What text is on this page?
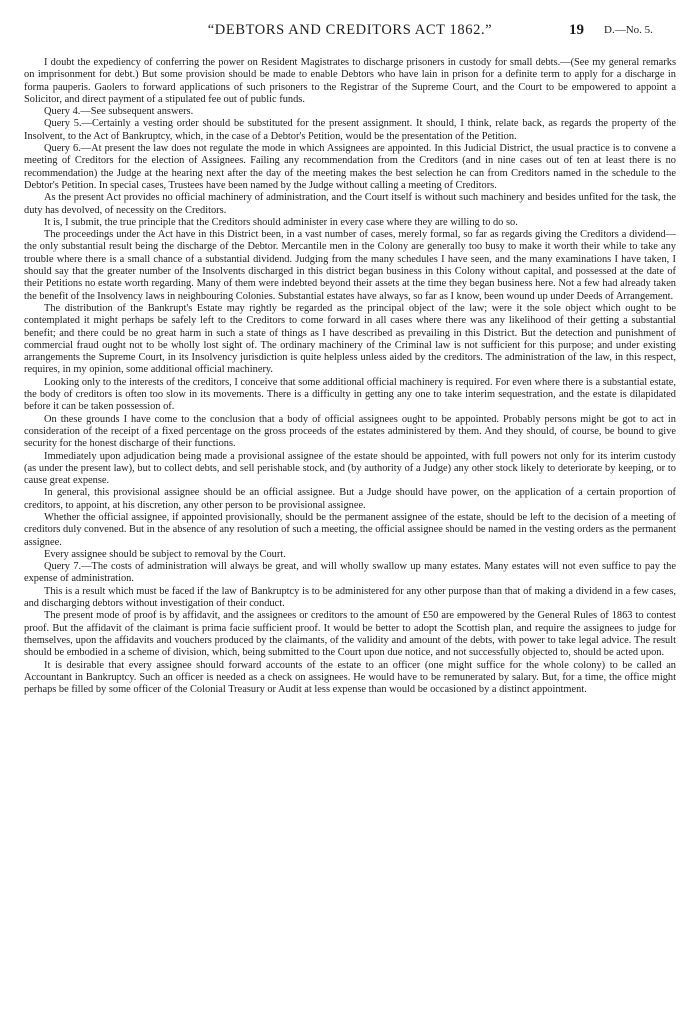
“DEBTORS AND CREDITORS ACT 1862.”	19 D.—No. 5.

I doubt the expediency of conferring the power on Resident Magistrates to discharge prisoners in custody for small debts.—(See my general remarks on imprisonment for debt.) But some provision should be made to enable Debtors who have lain in prison for a definite term to apply for a discharge in forma pauperis. Gaolers to forward applications of such prisoners to the Registrar of the Supreme Court, and the Court to be empowered to appoint a Solicitor, and direct payment of a stipulated fee out of public funds.

Query 4.—See subsequent answers.

Query 5.—Certainly a vesting order should be substituted for the present assignment. It should, I think, relate back, as regards the property of the Insolvent, to the Act of Bankruptcy, which, in the case of a Debtor's Petition, would be the presentation of the Petition.

Query 6.—At present the law does not regulate the mode in which Assignees are appointed. In this Judicial District, the usual practice is to convene a meeting of Creditors for the election of Assignees. Failing any recommendation from the Creditors (and in nine cases out of ten at least there is no recommendation) the Judge at the hearing next after the day of the meeting makes the best selection he can from Creditors named in the schedule to the Debtor's Petition. In special cases, Trustees have been named by the Judge without calling a meeting of Creditors.

As the present Act provides no official machinery of administration, and the Court itself is without such machinery and besides unfited for the task, the duty has devolved, of necessity on the Creditors.

It is, I submit, the true principle that the Creditors should administer in every case where they are willing to do so.

The proceedings under the Act have in this District been, in a vast number of cases, merely formal, so far as regards giving the Creditors a dividend—the only substantial result being the discharge of the Debtor. Mercantile men in the Colony are generally too busy to make it worth their while to take any trouble where there is a small chance of a substantial dividend. Judging from the many schedules I have seen, and the many examinations I have taken, I should say that the greater number of the Insolvents discharged in this district began business in this Colony without capital, and possessed at the date of their Petitions no estate worth regarding. Many of them were indebted beyond their assets at the time they began business here. Not a few had already taken the benefit of the Insolvency laws in neighbouring Colonies. Substantial estates have always, so far as I know, been wound up under Deeds of Arrangement.

The distribution of the Bankrupt's Estate may rightly be regarded as the principal object of the law; were it the sole object which ought to be contemplated it might perhaps be safely left to the Creditors to come forward in all cases where there was any likelihood of their getting a substantial benefit; and there could be no great harm in such a state of things as I have described as prevailing in this District. But the detection and punishment of commercial fraud ought not to be wholly lost sight of. The ordinary machinery of the Criminal law is not sufficient for this purpose; and under existing arrangements the Supreme Court, in its Insolvency jurisdiction is quite helpless unless aided by the creditors. The administration of the law, in this respect, requires, in my opinion, some additional official machinery.

Looking only to the interests of the creditors, I conceive that some additional official machinery is required. For even where there is a substantial estate, the body of creditors is often too slow in its movements. There is a difficulty in getting any one to take interim sequestration, and the estate is dilapidated before it can be taken possession of.

On these grounds I have come to the conclusion that a body of official assignees ought to be appointed. Probably persons might be got to act in consideration of the receipt of a fixed percentage on the gross proceeds of the estates administered by them. And they should, of course, be bound to give security for the honest discharge of their functions.

Immediately upon adjudication being made a provisional assignee of the estate should be appointed, with full powers not only for its interim custody (as under the present law), but to collect debts, and sell perishable stock, and (by authority of a Judge) any other stock likely to deteriorate by keeping, or to cause great expense.

In general, this provisional assignee should be an official assignee. But a Judge should have power, on the application of a certain proportion of creditors, to appoint, at his discretion, any other person to be provisional assignee.

Whether the official assignee, if appointed provisionally, should be the permanent assignee of the estate, should be left to the decision of a meeting of creditors duly convened. But in the absence of any resolution of such a meeting, the official assignee should be named in the vesting orders as the permanent assignee.

Every assignee should be subject to removal by the Court.

Query 7.—The costs of administration will always be great, and will wholly swallow up many estates. Many estates will not even suffice to pay the expense of administration.

This is a result which must be faced if the law of Bankruptcy is to be administered for any other purpose than that of making a dividend in a few cases, and discharging debtors without investigation of their conduct.

The present mode of proof is by affidavit, and the assignees or creditors to the amount of £50 are empowered by the General Rules of 1863 to contest proof. But the affidavit of the claimant is prima facie sufficient proof. It would be better to adopt the Scottish plan, and require the assignees to judge for themselves, upon the affidavits and vouchers produced by the claimants, of the validity and amount of the debts, with power to take legal advice. The result should be embodied in a scheme of division, which, being submitted to the Court upon due notice, and not successfully objected to, should be acted upon.

It is desirable that every assignee should forward accounts of the estate to an officer (one might suffice for the whole colony) to be called an Accountant in Bankruptcy. Such an officer is needed as a check on assignees. He would have to be remunerated by salary. But, for a time, the office might perhaps be filled by some officer of the Colonial Treasury or Audit at less expense than would be occasioned by a distinct appointment.
